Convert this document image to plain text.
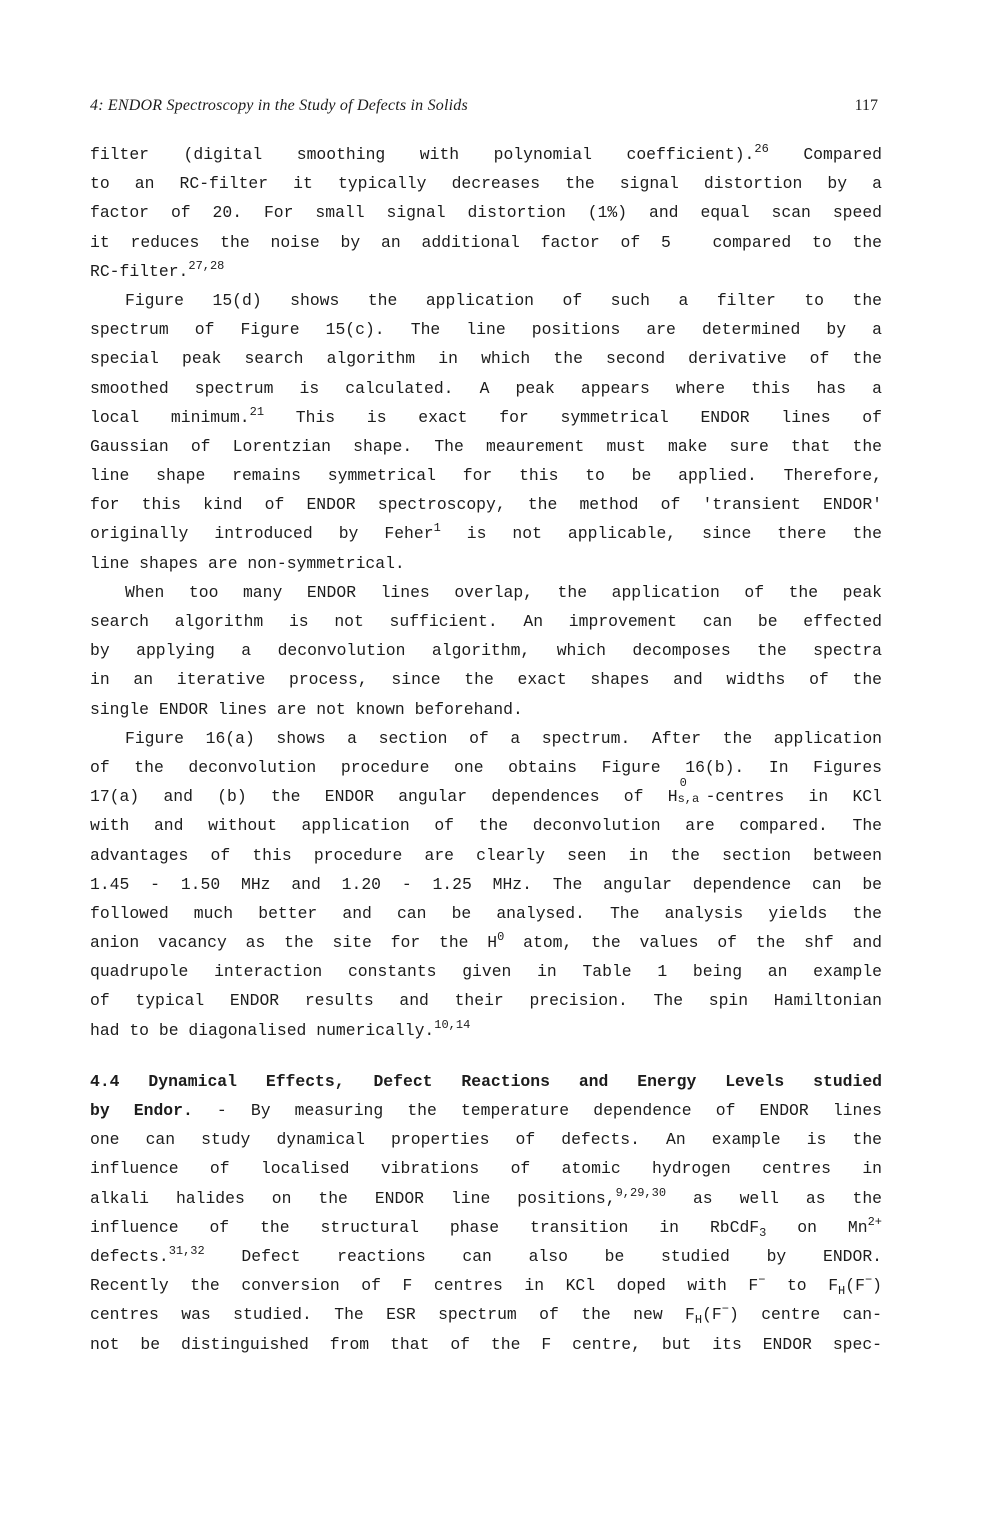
4: ENDOR Spectroscopy in the Study of Defects in Solids	117
filter (digital smoothing with polynomial coefficient).$^{26}$ Compared
to an RC-filter it typically decreases the signal distortion by a
factor of 20. For small signal distortion (1%) and equal scan speed
it reduces the noise by an additional factor of 5  compared to the
RC-filter.$^{27,28}$
Figure 15(d) shows the application of such a filter to the
spectrum of Figure 15(c). The line positions are determined by a
special peak search algorithm in which the second derivative of the
smoothed spectrum is calculated. A peak appears where this has a
local minimum.$^{21}$ This is exact for symmetrical ENDOR lines of
Gaussian of Lorentzian shape. The meaurement must make sure that the
line shape remains symmetrical for this to be applied. Therefore,
for this kind of ENDOR spectroscopy, the method of 'transient ENDOR'
originally introduced by Feher$^1$ is not applicable, since there the
line shapes are non-symmetrical.
When too many ENDOR lines overlap, the application of the peak
search algorithm is not sufficient. An improvement can be effected
by applying a deconvolution algorithm, which decomposes the spectra
in an iterative process, since the exact shapes and widths of the
single ENDOR lines are not known beforehand.
Figure 16(a) shows a section of a spectrum. After the application
of the deconvolution procedure one obtains Figure 16(b). In Figures
17(a) and (b) the ENDOR angular dependences of H
0
s,a -centres in KCl
with and without application of the deconvolution are compared. The
advantages of this procedure are clearly seen in the section between
1.45 - 1.50 MHz and 1.20 - 1.25 MHz. The angular dependence can be
followed much better and can be analysed. The analysis yields the
anion vacancy as the site for the $H^0$ atom, the values of the shf and
quadrupole interaction constants given in Table 1 being an example
of typical ENDOR results and their precision. The spin Hamiltonian
had to be diagonalised numerically.$^{10,14}$
4.4 Dynamical Effects, Defect Reactions and Energy Levels studied
by Endor. - By measuring the temperature dependence of ENDOR lines
one can study dynamical properties of defects. An example is the
influence of localised vibrations of atomic hydrogen centres in
alkali halides on the ENDOR line positions,$^{9,29,30}$ as well as the
influence of the structural phase transition in RbCdF$_3$ on $Mn^{2+}$
defects.$^{31,32}$ Defect reactions can also be studied by ENDOR.
Recently the conversion of F centres in KCl doped with F− to $F_H(F^-)$
centres was studied. The ESR spectrum of the new $F_H(F^-)$ centre can-
not be distinguished from that of the F centre, but its ENDOR spec-
